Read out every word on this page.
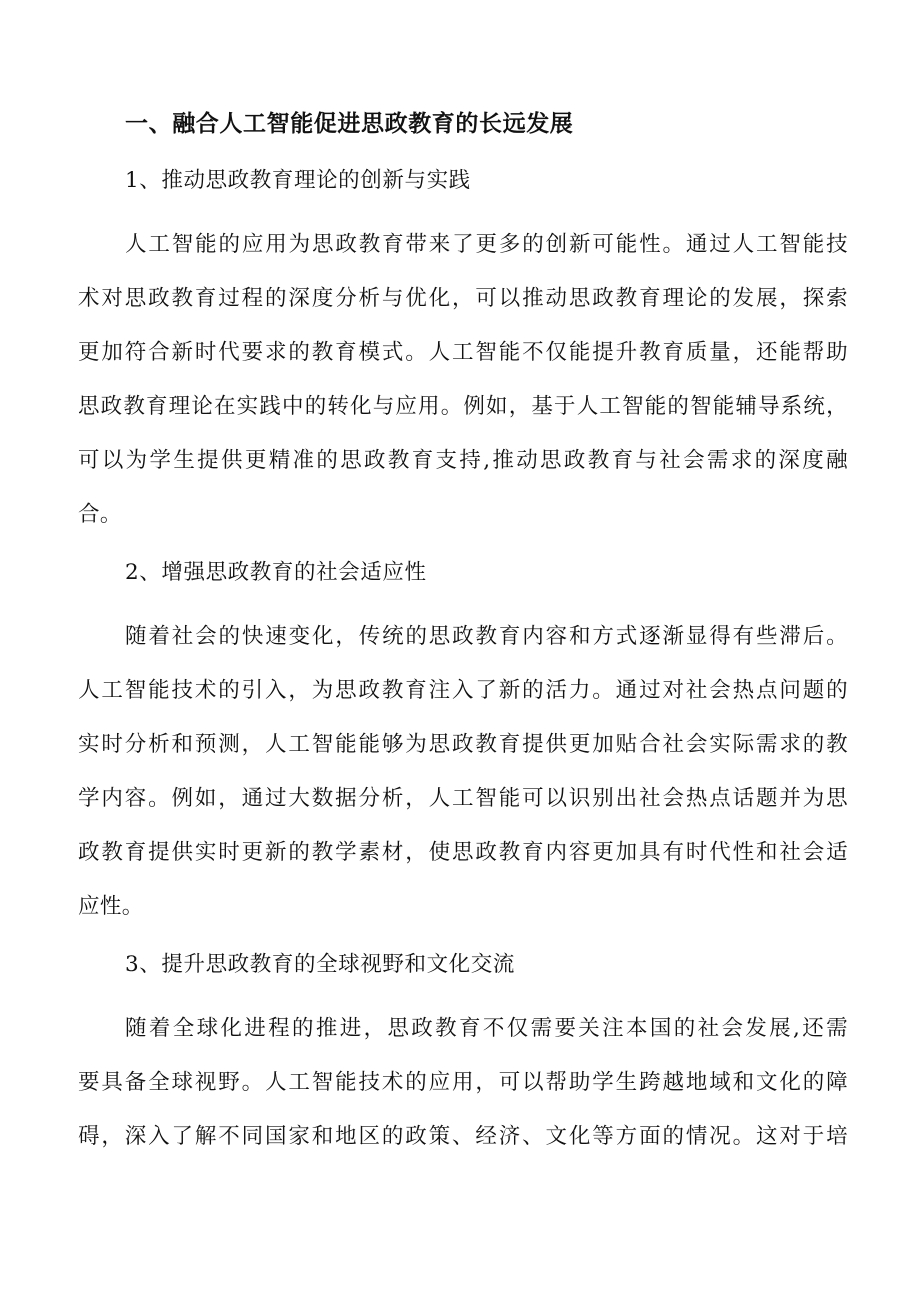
一、融合人工智能促进思政教育的长远发展
1、推动思政教育理论的创新与实践
人工智能的应用为思政教育带来了更多的创新可能性。通过人工智能技
术对思政教育过程的深度分析与优化，可以推动思政教育理论的发展，探索
更加符合新时代要求的教育模式。人工智能不仅能提升教育质量，还能帮助
思政教育理论在实践中的转化与应用。例如，基于人工智能的智能辅导系统，
可以为学生提供更精准的思政教育支持,推动思政教育与社会需求的深度融
合。
2、增强思政教育的社会适应性
随着社会的快速变化，传统的思政教育内容和方式逐渐显得有些滞后。
人工智能技术的引入，为思政教育注入了新的活力。通过对社会热点问题的
实时分析和预测，人工智能能够为思政教育提供更加贴合社会实际需求的教
学内容。例如，通过大数据分析，人工智能可以识别出社会热点话题并为思
政教育提供实时更新的教学素材，使思政教育内容更加具有时代性和社会适
应性。
3、提升思政教育的全球视野和文化交流
随着全球化进程的推进，思政教育不仅需要关注本国的社会发展,还需
要具备全球视野。人工智能技术的应用，可以帮助学生跨越地域和文化的障
碍，深入了解不同国家和地区的政策、经济、文化等方面的情况。这对于培
